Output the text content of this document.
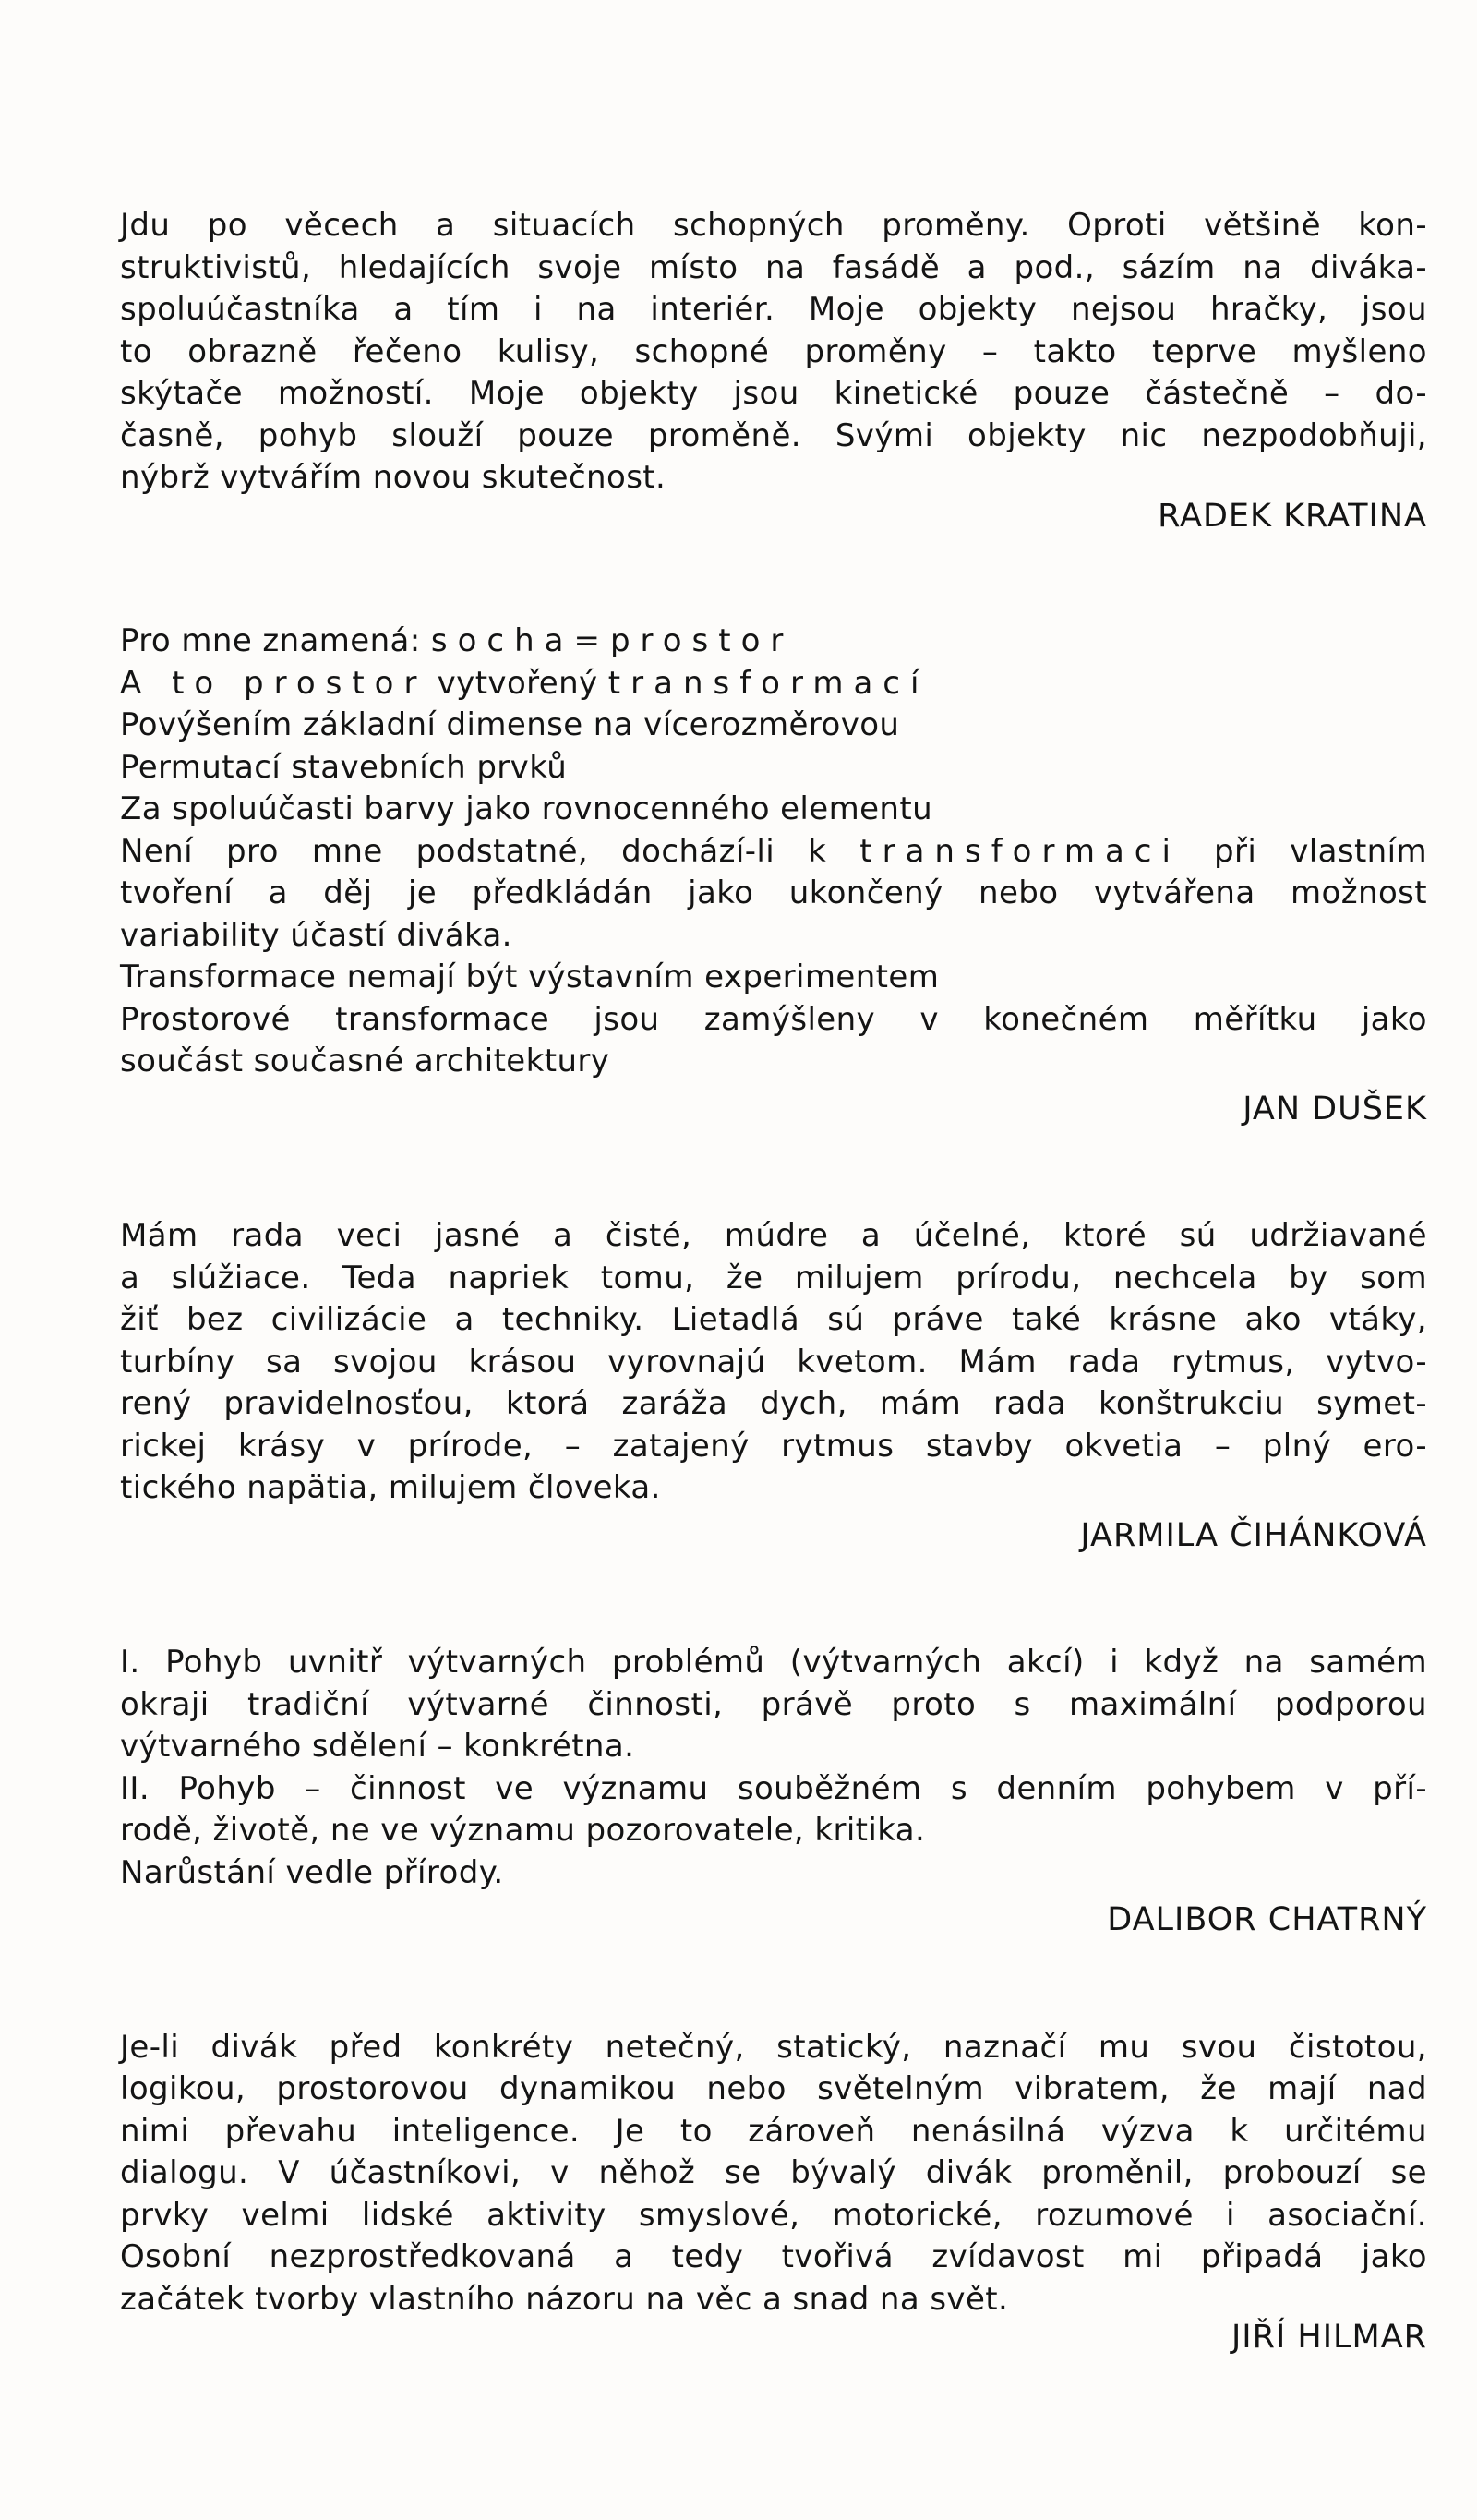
Jdu po věcech a situacích schopných proměny. Oproti většině kon-
struktivistů, hledajících svoje místo na fasádě a pod., sázím na diváka-
spoluúčastníka a tím i na interiér. Moje objekty nejsou hračky, jsou
to obrazně řečeno kulisy, schopné proměny – takto teprve myšleno
skýtače možností. Moje objekty jsou kinetické pouze částečně – do-
časně, pohyb slouží pouze proměně. Svými objekty nic nezpodobňuji,
nýbrž vytvářím novou skutečnost.
RADEK KRATINA
Pro mne znamená: socha=prostor
A to prostor vytvořený transformací
Povýšením základní dimense na vícerozměrovou
Permutací stavebních prvků
Za spoluúčasti barvy jako rovnocenného elementu
Není pro mne podstatné, dochází-li k transformaci při vlastním
tvoření a děj je předkládán jako ukončený nebo vytvářena možnost
variability účastí diváka.
Transformace nemají být výstavním experimentem
Prostorové transformace jsou zamýšleny v konečném měřítku jako
součást současné architektury
JAN DUŠEK
Mám rada veci jasné a čisté, múdre a účelné, ktoré sú udržiavané
a slúžiace. Teda napriek tomu, že milujem prírodu, nechcela by som
žiť bez civilizácie a techniky. Lietadlá sú práve také krásne ako vtáky,
turbíny sa svojou krásou vyrovnajú kvetom. Mám rada rytmus, vytvo-
rený pravidelnosťou, ktorá zaráža dych, mám rada konštrukciu symet-
rickej krásy v prírode, – zatajený rytmus stavby okvetia – plný ero-
tického napätia, milujem človeka.
JARMILA ČIHÁNKOVÁ
I. Pohyb uvnitř výtvarných problémů (výtvarných akcí) i když na samém
okraji tradiční výtvarné činnosti, právě proto s maximální podporou
výtvarného sdělení – konkrétna.
II. Pohyb – činnost ve významu souběžném s denním pohybem v pří-
rodě, životě, ne ve významu pozorovatele, kritika.
Narůstání vedle přírody.
DALIBOR CHATRNÝ
Je-li divák před konkréty netečný, statický, naznačí mu svou čistotou,
logikou, prostorovou dynamikou nebo světelným vibratem, že mají nad
nimi převahu inteligence. Je to zároveň nenásilná výzva k určitému
dialogu. V účastníkovi, v něhož se bývalý divák proměnil, probouzí se
prvky velmi lidské aktivity smyslové, motorické, rozumové i asociační.
Osobní nezprostředkovaná a tedy tvořivá zvídavost mi připadá jako
začátek tvorby vlastního názoru na věc a snad na svět.
JIŘÍ HILMAR
